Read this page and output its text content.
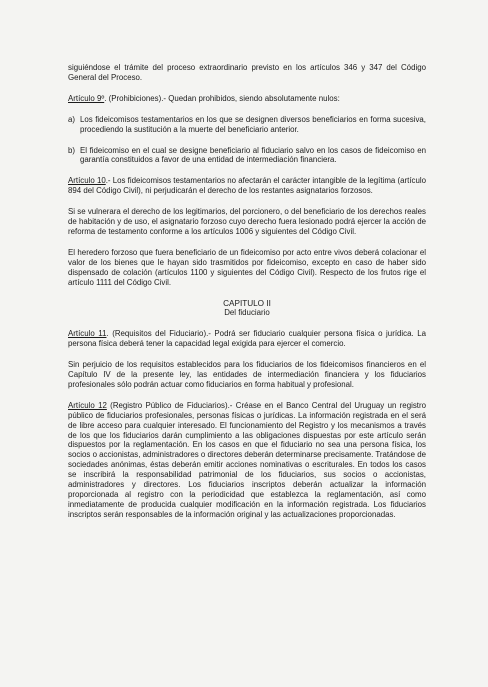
siguiéndose el trámite del proceso extraordinario previsto en los artículos 346 y 347 del Código General del Proceso.

Artículo 9º. (Prohibiciones).- Quedan prohibidos, siendo absolutamente nulos:

a) Los fideicomisos testamentarios en los que se designen diversos beneficiarios en forma sucesiva, procediendo la sustitución a la muerte del beneficiario anterior.
b) El fideicomiso en el cual se designe beneficiario al fiduciario salvo en los casos de fideicomiso en garantía constituidos a favor de una entidad de intermediación financiera.

Artículo 10.- Los fideicomisos testamentarios no afectarán el carácter intangible de la legítima (artículo 894 del Código Civil), ni perjudicarán el derecho de los restantes asignatarios forzosos.

Si se vulnerara el derecho de los legitimarios, del porcionero, o del beneficiario de los derechos reales de habitación y de uso, el asignatario forzoso cuyo derecho fuera lesionado podrá ejercer la acción de reforma de testamento conforme a los artículos 1006 y siguientes del Código Civil.

El heredero forzoso que fuera beneficiario de un fideicomiso por acto entre vivos deberá colacionar el valor de los bienes que le hayan sido trasmitidos por fideicomiso, excepto en caso de haber sido dispensado de colación (artículos 1100 y siguientes del Código Civil). Respecto de los frutos rige el artículo 1111 del Código Civil.

CAPITULO II

Del fiduciario

Artículo 11. (Requisitos del Fiduciario).- Podrá ser fiduciario cualquier persona física o jurídica. La persona física deberá tener la capacidad legal exigida para ejercer el comercio.

Sin perjuicio de los requisitos establecidos para los fiduciarios de los fideicomisos financieros en el Capítulo IV de la presente ley, las entidades de intermediación financiera y los fiduciarios profesionales sólo podrán actuar como fiduciarios en forma habitual y profesional.

Artículo 12 (Registro Público de Fiduciarios).- Créase en el Banco Central del Uruguay un registro público de fiduciarios profesionales, personas físicas o jurídicas. La información registrada en el será de libre acceso para cualquier interesado. El funcionamiento del Registro y los mecanismos a través de los que los fiduciarios darán cumplimiento a las obligaciones dispuestas por este artículo serán dispuestos por la reglamentación. En los casos en que el fiduciario no sea una persona física, los socios o accionistas, administradores o directores deberán determinarse precisamente. Tratándose de sociedades anónimas, éstas deberán emitir acciones nominativas o escriturales. En todos los casos se inscribirá la responsabilidad patrimonial de los fiduciarios, sus socios o accionistas, administradores y directores. Los fiduciarios inscriptos deberán actualizar la información proporcionada al registro con la periodicidad que establezca la reglamentación, así como inmediatamente de producida cualquier modificación en la información registrada. Los fiduciarios inscriptos serán responsables de la información original y las actualizaciones proporcionadas.
